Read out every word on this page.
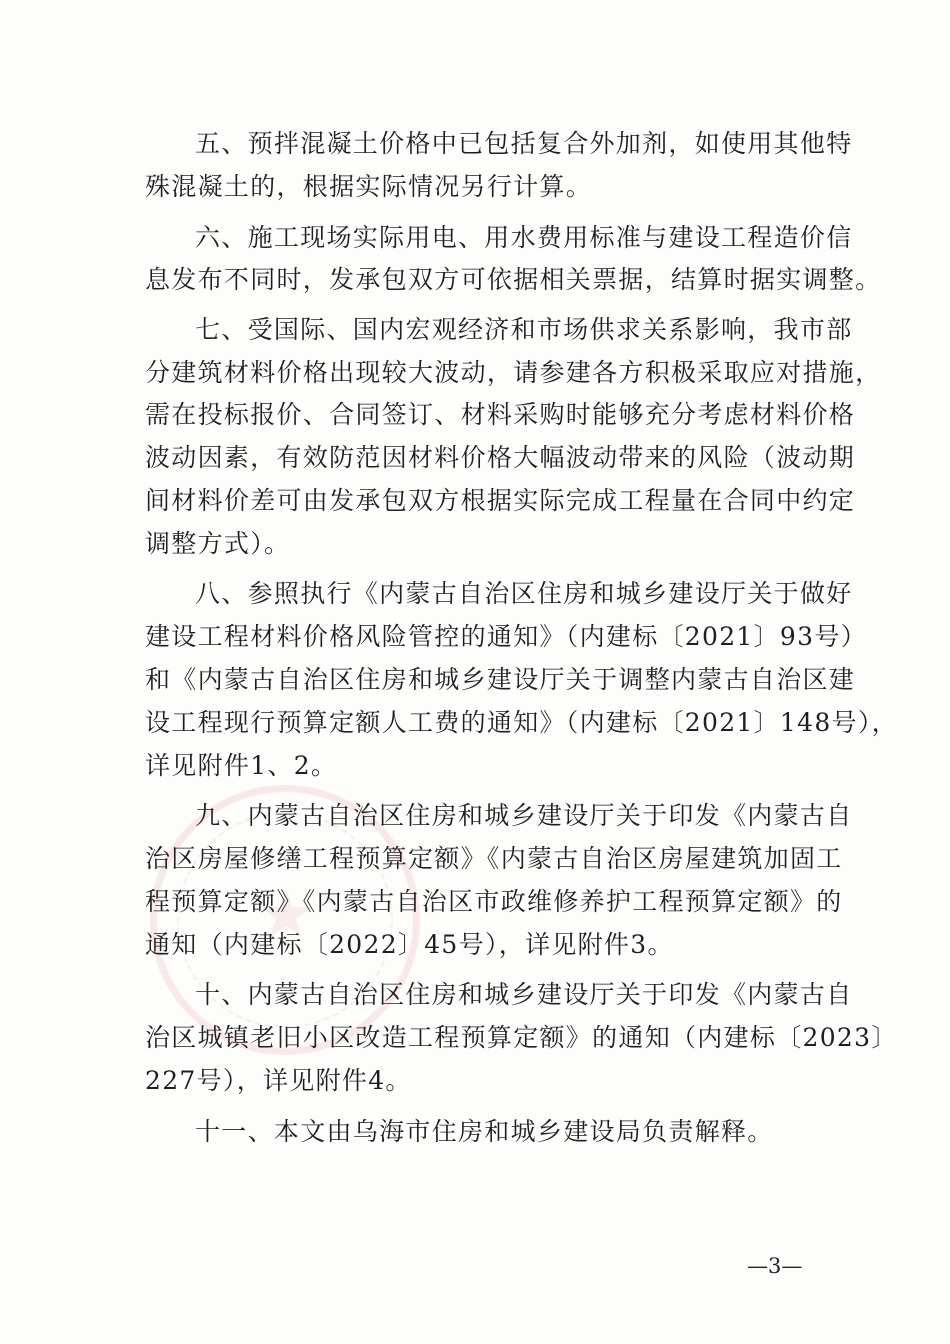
五、预拌混凝土价格中已包括复合外加剂，如使用其他特
殊混凝土的，根据实际情况另行计算。
六、施工现场实际用电、用水费用标准与建设工程造价信
息发布不同时，发承包双方可依据相关票据，结算时据实调整。
七、受国际、国内宏观经济和市场供求关系影响，我市部
分建筑材料价格出现较大波动，请参建各方积极采取应对措施，
需在投标报价、合同签订、材料采购时能够充分考虑材料价格
波动因素，有效防范因材料价格大幅波动带来的风险（波动期
间材料价差可由发承包双方根据实际完成工程量在合同中约定
调整方式）。
八、参照执行《内蒙古自治区住房和城乡建设厅关于做好
建设工程材料价格风险管控的通知》（内建标〔2021〕93号）
和《内蒙古自治区住房和城乡建设厅关于调整内蒙古自治区建
设工程现行预算定额人工费的通知》（内建标〔2021〕148号），
详见附件1、2。
九、内蒙古自治区住房和城乡建设厅关于印发《内蒙古自
治区房屋修缮工程预算定额》《内蒙古自治区房屋建筑加固工
程预算定额》《内蒙古自治区市政维修养护工程预算定额》的
通知（内建标〔2022〕45号），详见附件3。
十、内蒙古自治区住房和城乡建设厅关于印发《内蒙古自
治区城镇老旧小区改造工程预算定额》的通知（内建标〔2023〕
227号），详见附件4。
十一、本文由乌海市住房和城乡建设局负责解释。
—3—
